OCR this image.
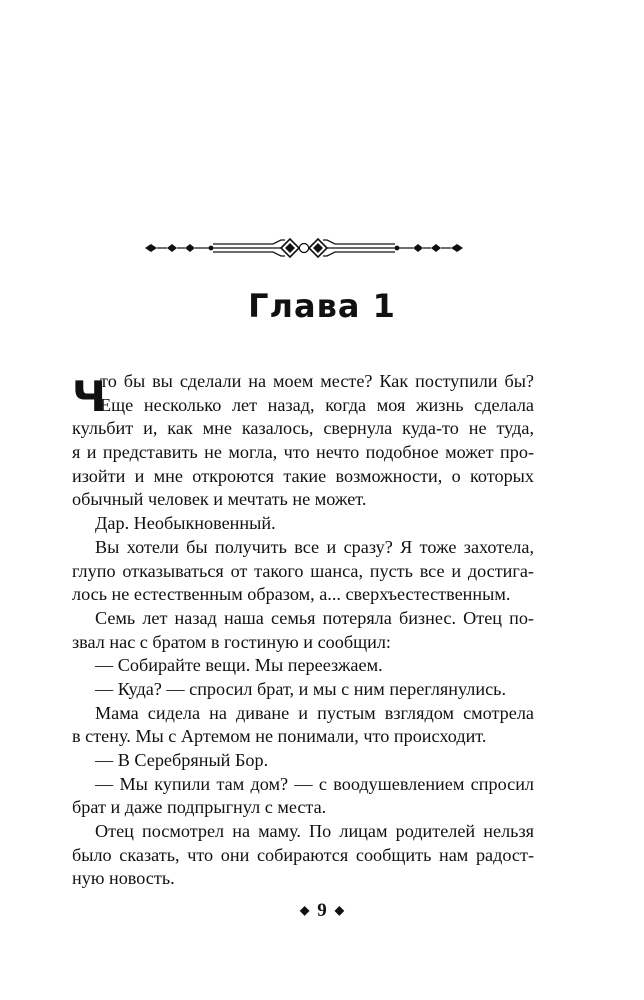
Глава 1
Ч
то бы вы сделали на моем месте? Как поступили бы?
Еще несколько лет назад, когда моя жизнь сделала
кульбит и, как мне казалось, свернула куда-то не туда,
я и представить не могла, что нечто подобное может про-
изойти и мне откроются такие возможности, о которых
обычный человек и мечтать не может.
Дар. Необыкновенный.
Вы хотели бы получить все и сразу? Я тоже захотела,
глупо отказываться от такого шанса, пусть все и достига-
лось не естественным образом, а... сверхъестественным.
Семь лет назад наша семья потеряла бизнес. Отец по-
звал нас с братом в гостиную и сообщил:
— Собирайте вещи. Мы переезжаем.
— Куда? — спросил брат, и мы с ним переглянулись.
Мама сидела на диване и пустым взглядом смотрела
в стену. Мы с Артемом не понимали, что происходит.
— В Серебряный Бор.
— Мы купили там дом? — с воодушевлением спросил
брат и даже подпрыгнул с места.
Отец посмотрел на маму. По лицам родителей нельзя
было сказать, что они собираются сообщить нам радост-
ную новость.
◆ 9 ◆
